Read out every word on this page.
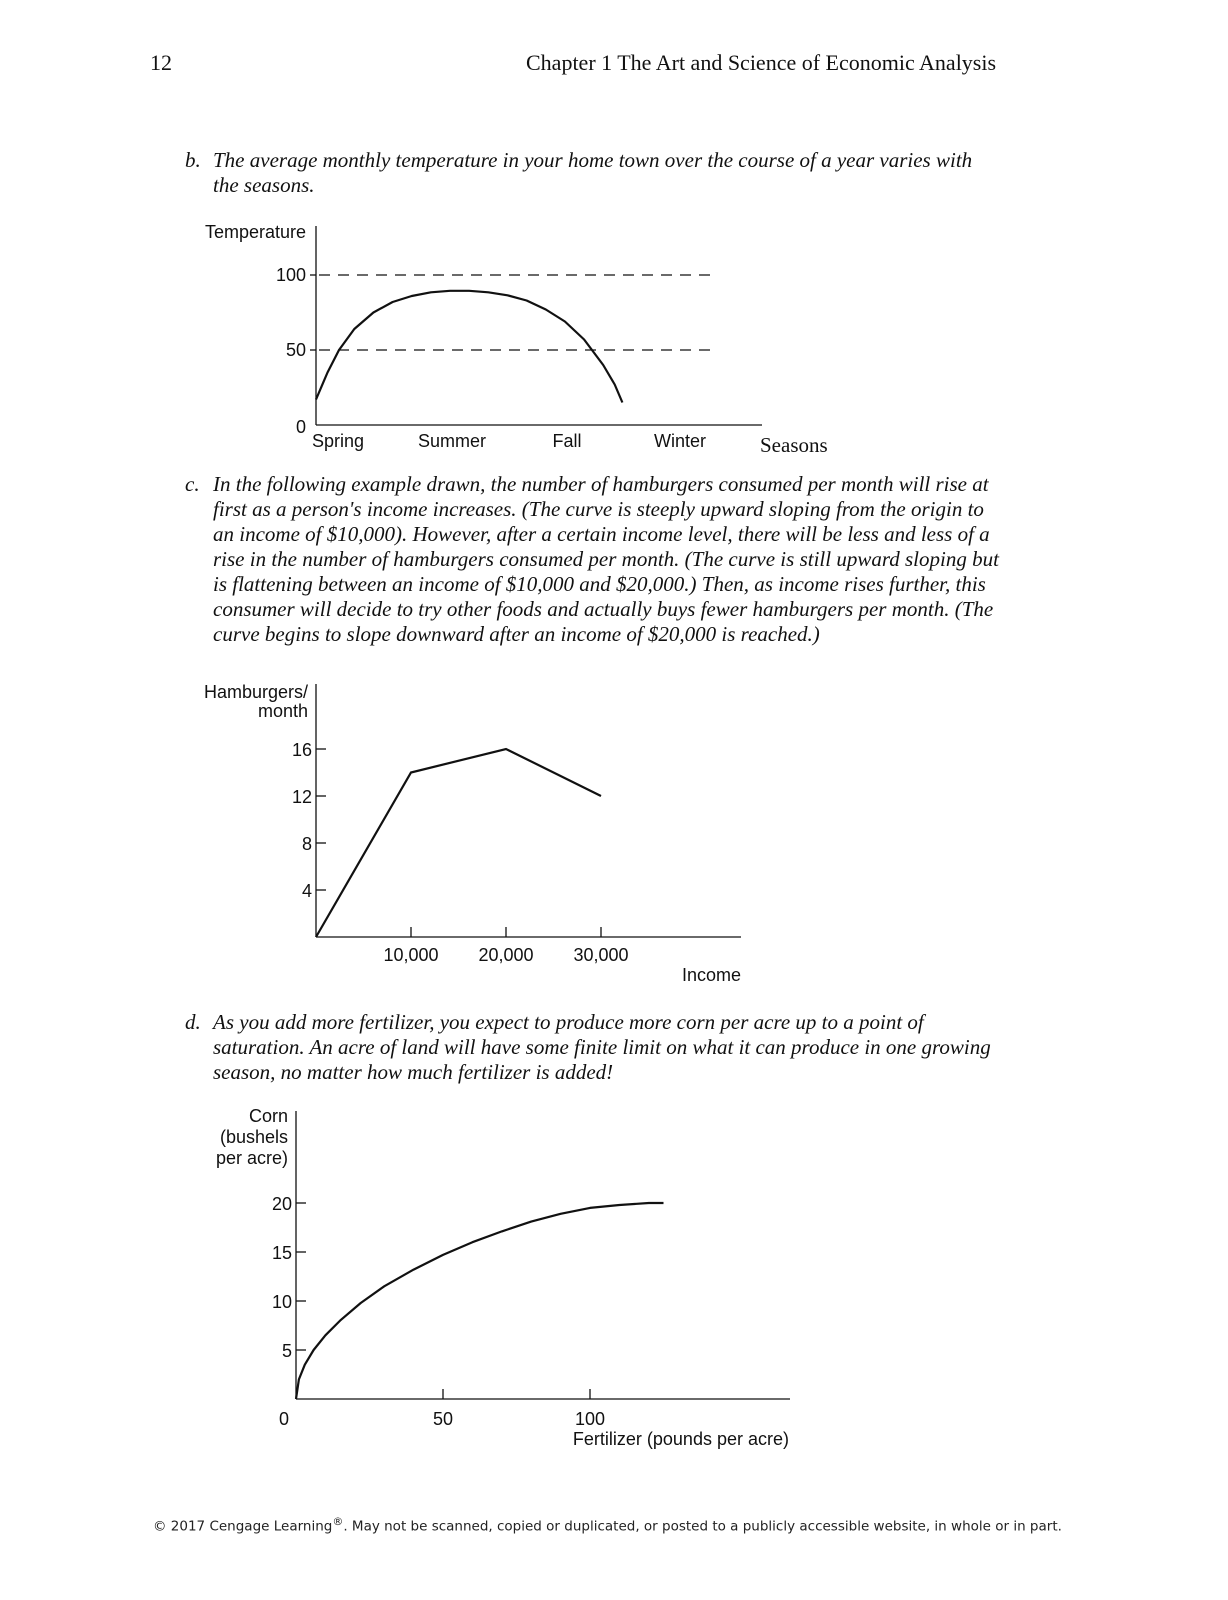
12	Chapter 1 The Art and Science of Economic Analysis
b. The average monthly temperature in your home town over the course of a year varies with
the seasons.
Temperature
100
50
0
Spring	Summer	Fall	Winter	Seasons
c. In the following example drawn, the number of hamburgers consumed per month will rise at
first as a person's income increases. (The curve is steeply upward sloping from the origin to
an income of $10,000). However, after a certain income level, there will be less and less of a
rise in the number of hamburgers consumed per month. (The curve is still upward sloping but
is flattening between an income of $10,000 and $20,000.) Then, as income rises further, this
consumer will decide to try other foods and actually buys fewer hamburgers per month. (The
curve begins to slope downward after an income of $20,000 is reached.)
Hamburgers/
month
Income
4
8
12
16
10,000 20,000 30,000
d. As you add more fertilizer, you expect to produce more corn per acre up to a point of
saturation. An acre of land will have some finite limit on what it can produce in one growing
season, no matter how much fertilizer is added!
Corn
(bushels
per acre)
Fertilizer (pounds per acre)
5
10
15
20
0	50	100
© 2017 Cengage Learning®. May not be scanned, copied or duplicated, or posted to a publicly accessible website, in whole or in part.
